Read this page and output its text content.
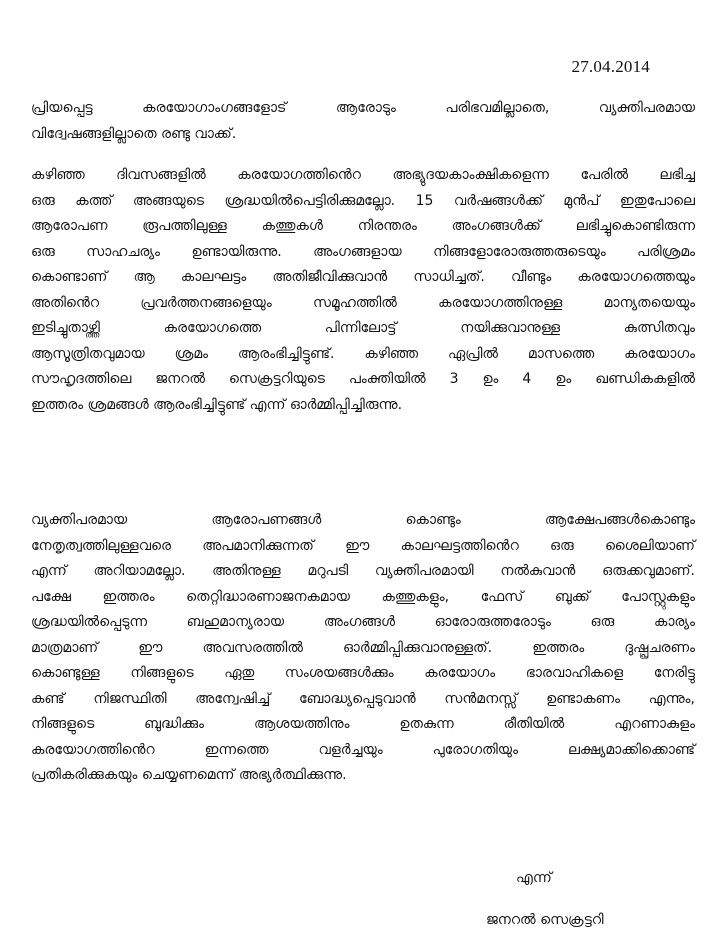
27.04.2014
പ്രിയപ്പെട്ട കരയോഗാംഗങ്ങളോട് ആരോടും പരിഭവമില്ലാതെ, വ്യക്തിപരമായ
വിദ്വേഷങ്ങളില്ലാതെ രണ്ടു വാക്ക്.
കഴിഞ്ഞ ദിവസങ്ങളിൽ കരയോഗത്തിൻെറ അഭ്യുദയകാംക്ഷികളെന്ന പേരിൽ ലഭിച്ച
ഒരു കത്ത് അങ്ങയുടെ ശ്രദ്ധയിൽപെട്ടിരിക്കുമല്ലോ. 15 വർഷങ്ങൾക്ക് മുൻപ് ഇതുപോലെ
ആരോപണ രൂപത്തിലുള്ള കത്തുകൾ നിരന്തരം അംഗങ്ങൾക്ക് ലഭിച്ചുകൊണ്ടിരുന്ന
ഒരു സാഹചര്യം ഉണ്ടായിരുന്നു. അംഗങ്ങളായ നിങ്ങളോരോരുത്തരുടെയും പരിശ്രമം
കൊണ്ടാണ് ആ കാലഘട്ടം അതിജീവിക്കുവാൻ സാധിച്ചത്. വീണ്ടും കരയോഗത്തെയും
അതിൻെറ പ്രവർത്തനങ്ങളെയും സമൂഹത്തിൽ കരയോഗത്തിനുള്ള മാന്യതയെയും
ഇടിച്ചുതാഴ്ത്തി കരയോഗത്തെ പിന്നിലോട്ട് നയിക്കുവാനുള്ള കുത്സിതവും
ആസൂത്രിതവുമായ ശ്രമം ആരംഭിച്ചിട്ടുണ്ട്. കഴിഞ്ഞ ഏപ്രിൽ മാസത്തെ കരയോഗം
സൗഹൃദത്തിലെ ജനറൽ സെക്രട്ടറിയുടെ പംക്തിയിൽ 3 ഉം 4 ഉം ഖണ്ഡികകളിൽ
ഇത്തരം ശ്രമങ്ങൾ ആരംഭിച്ചിട്ടുണ്ട് എന്ന് ഓർമ്മിപ്പിച്ചിരുന്നു.
വ്യക്തിപരമായ ആരോപണങ്ങൾ കൊണ്ടും ആക്ഷേപങ്ങൾകൊണ്ടും
നേതൃത്വത്തിലുള്ളവരെ അപമാനിക്കുന്നത് ഈ കാലഘട്ടത്തിൻെറ ഒരു ശൈലിയാണ്
എന്ന് അറിയാമല്ലോ. അതിനുള്ള മറുപടി വ്യക്തിപരമായി നൽകുവാൻ ഒരുക്കവുമാണ്.
പക്ഷേ ഇത്തരം തെറ്റിദ്ധാരണാജനകമായ കത്തുകളും, ഫേസ് ബുക്ക് പോസ്റ്റുകളും
ശ്രദ്ധയിൽപ്പെടുന്ന ബഹുമാന്യരായ അംഗങ്ങൾ ഓരോരുത്തരോടും ഒരു കാര്യം
മാത്രമാണ് ഈ അവസരത്തിൽ ഓർമ്മിപ്പിക്കുവാനുള്ളത്. ഇത്തരം ദുഷ്പ്രചരണം
കൊണ്ടുള്ള നിങ്ങളുടെ ഏതു സംശയങ്ങൾക്കും കരയോഗം ഭാരവാഹികളെ നേരിട്ടു
കണ്ട് നിജസ്ഥിതി അന്വേഷിച്ച് ബോദ്ധ്യപ്പെടുവാൻ സൻമനസ്സ് ഉണ്ടാകണം എന്നും,
നിങ്ങളുടെ ബുദ്ധിക്കും ആശയത്തിനും ഉതകുന്ന രീതിയിൽ എറണാകുളം
കരയോഗത്തിൻെറ ഇന്നത്തെ വളർച്ചയും പുരോഗതിയും ലക്ഷ്യമാക്കിക്കൊണ്ട്
പ്രതികരിക്കുകയും ചെയ്യണമെന്ന് അഭ്യർത്ഥിക്കുന്നു.
എന്ന്
ജനറൽ സെക്രട്ടറി
